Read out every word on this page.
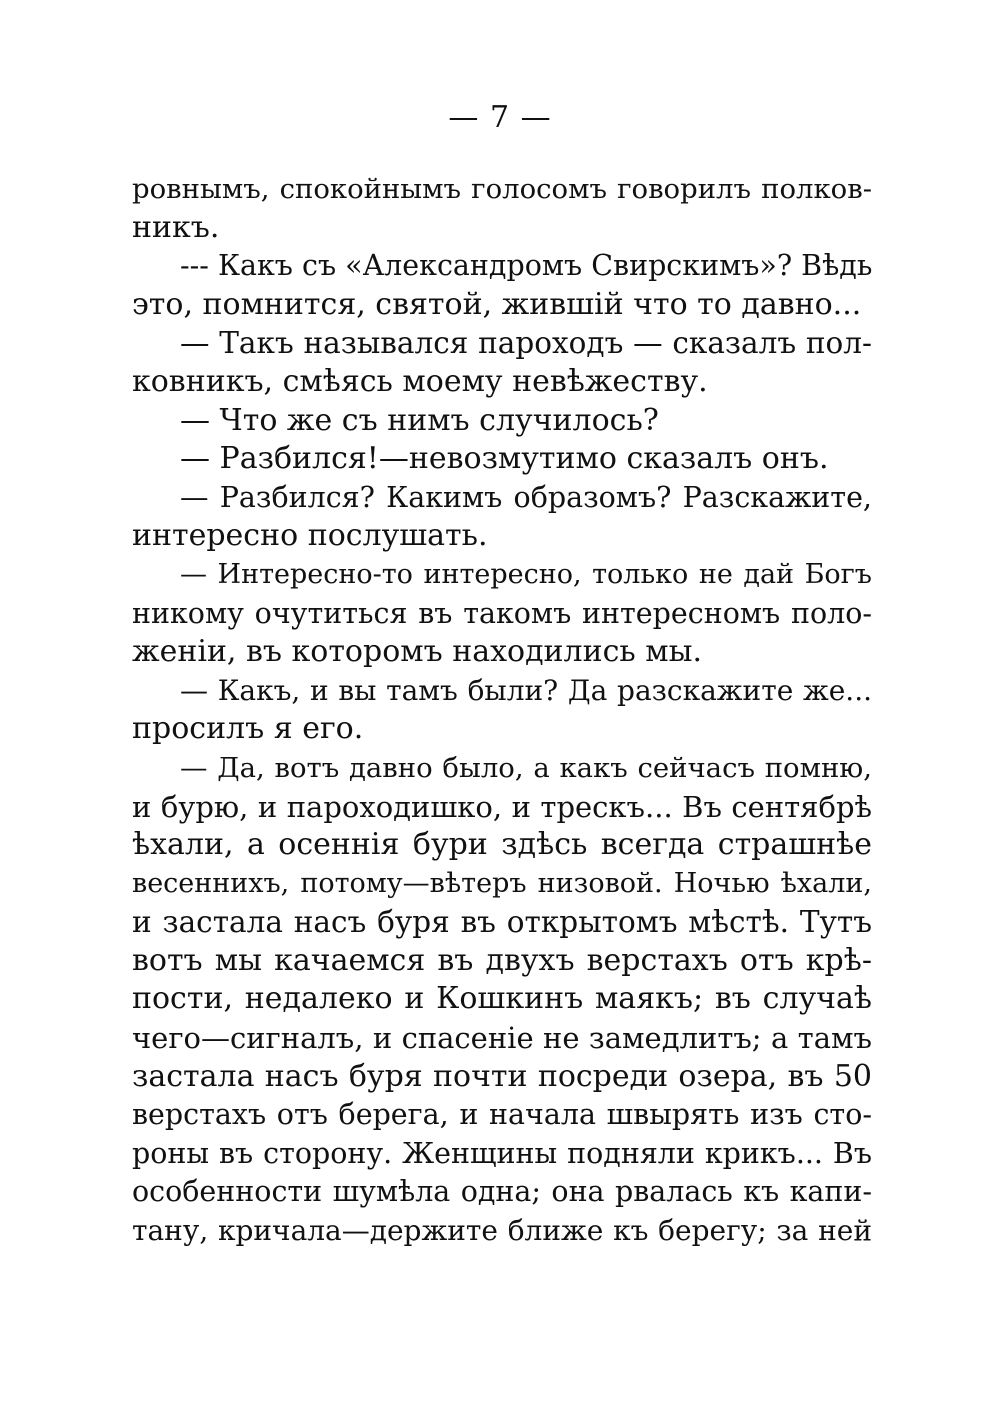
— 7 —
ровнымъ, спокойнымъ голосомъ говорилъ полков-
никъ.
--- Какъ съ «Александромъ Свирскимъ»? Вѣдь
это, помнится, святой, жившій что то давно...
— Такъ назывался пароходъ — сказалъ пол-
ковникъ, смѣясь моему невѣжеству.
— Что же съ нимъ случилось?
— Разбился!—невозмутимо сказалъ онъ.
— Разбился? Какимъ образомъ? Разскажите,
интересно послушать.
— Интересно-то интересно, только не дай Богъ
никому очутиться въ такомъ интересномъ поло-
женіи, въ которомъ находились мы.
— Какъ, и вы тамъ были? Да разскажите же...
просилъ я его.
— Да, вотъ давно было, а какъ сейчасъ помню,
и бурю, и пароходишко, и трескъ... Въ сентябрѣ
ѣхали, а осеннія бури здѣсь всегда страшнѣе
весеннихъ, потому—вѣтеръ низовой. Ночью ѣхали,
и застала насъ буря въ открытомъ мѣстѣ. Тутъ
вотъ мы качаемся въ двухъ верстахъ отъ крѣ-
пости, недалеко и Кошкинъ маякъ; въ случаѣ
чего—сигналъ, и спасеніе не замедлитъ; а тамъ
застала насъ буря почти посреди озера, въ 50
верстахъ отъ берега, и начала швырять изъ сто-
роны въ сторону. Женщины подняли крикъ... Въ
особенности шумѣла одна; она рвалась къ капи-
тану, кричала—держите ближе къ берегу; за ней
